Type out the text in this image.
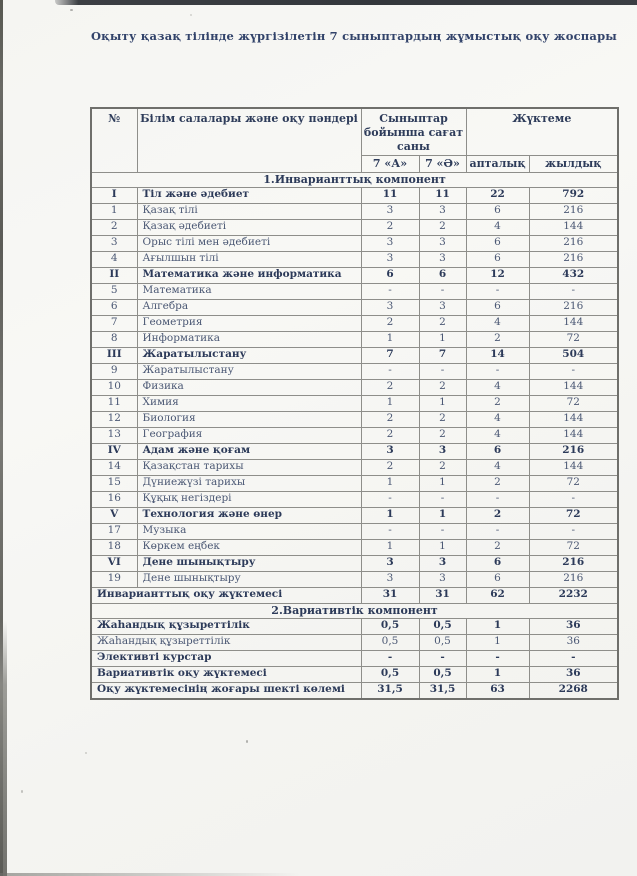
Оқыту қазақ тілінде жүргізілетін 7 сыныптардың жұмыстық оқу жоспары
№	Білім салалары және оқу пәндері	Сыныптар бойынша сағат саны		Жүктеме	
		7 «А»	7 «Ә»	апталық	жылдық
1.Инварианттық компонент					
I	Тіл және әдебиет	11	11	22	792
1	Қазақ тілі	3	3	6	216
2	Қазақ әдебиеті	2	2	4	144
3	Орыс тілі мен әдебиеті	3	3	6	216
4	Ағылшын тілі	3	3	6	216
II	Математика және информатика	6	6	12	432
5	Математика	-	-	-	-
6	Алгебра	3	3	6	216
7	Геометрия	2	2	4	144
8	Информатика	1	1	2	72
III	Жаратылыстану	7	7	14	504
9	Жаратылыстану	-	-	-	-
10	Физика	2	2	4	144
11	Химия	1	1	2	72
12	Биология	2	2	4	144
13	География	2	2	4	144
IV	Адам және қоғам	3	3	6	216
14	Қазақстан тарихы	2	2	4	144
15	Дүниежүзі тарихы	1	1	2	72
16	Құқық негіздері	-	-	-	-
V	Технология және өнер	1	1	2	72
17	Музыка	-	-	-	-
18	Көркем еңбек	1	1	2	72
VI	Дене шынықтыру	3	3	6	216
19	Дене шынықтыру	3	3	6	216
Инварианттық оқу жүктемесі		31	31	62	2232
2.Вариативтік компонент					
Жаһандық құзыреттілік		0,5	0,5	1	36
Жаһандық құзыреттілік		0,5	0,5	1	36
Элективті курстар		-	-	-	-
Вариативтік оқу жүктемесі		0,5	0,5	1	36
Оқу жүктемесінің жоғары шекті көлемі		31,5	31,5	63	2268
